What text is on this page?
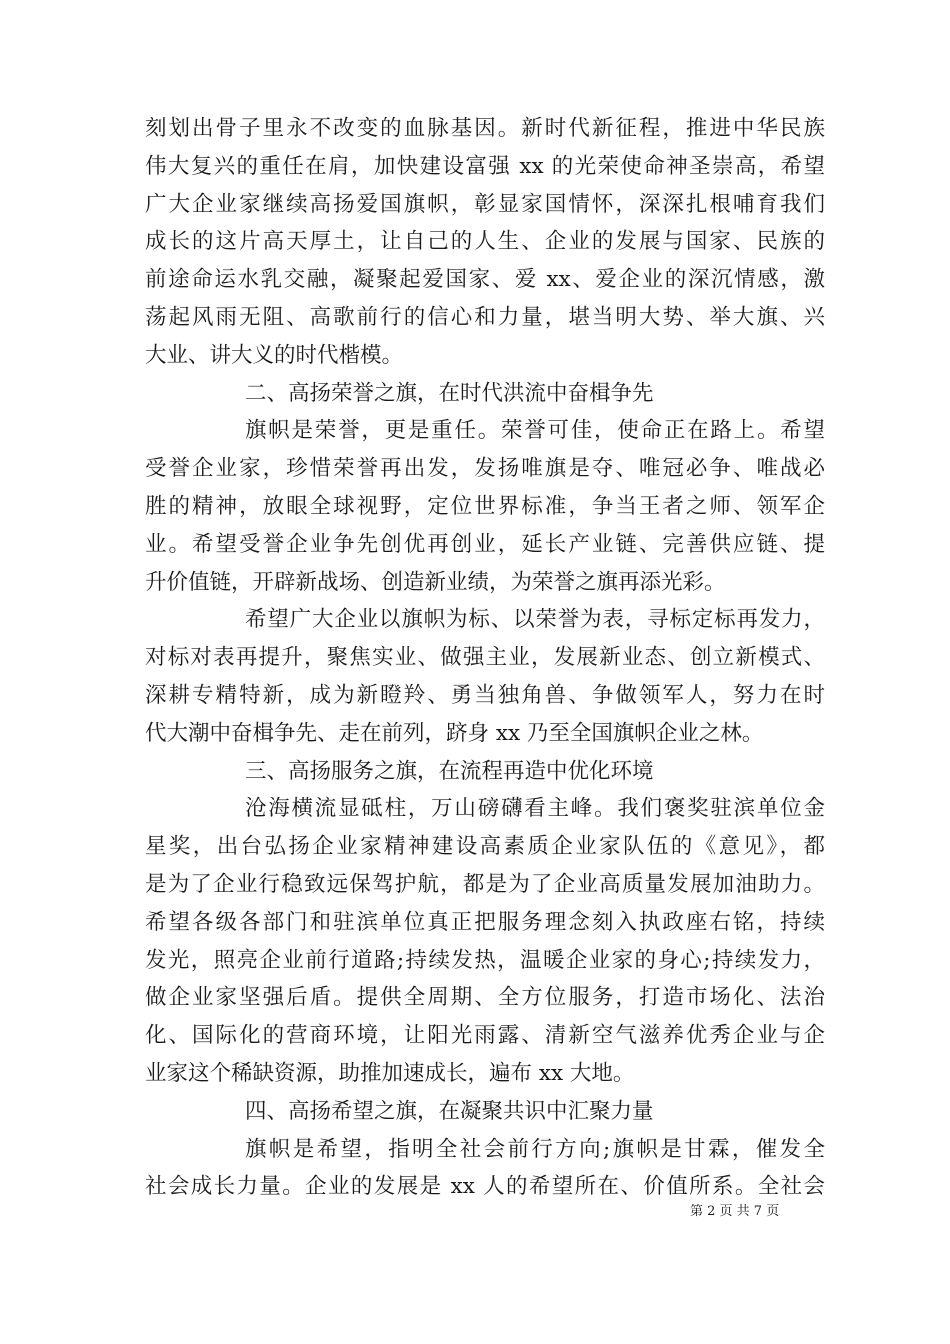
刻划出骨子里永不改变的血脉基因。新时代新征程，推进中华民族
伟大复兴的重任在肩，加快建设富强 xx 的光荣使命神圣崇高，希望
广大企业家继续高扬爱国旗帜，彰显家国情怀，深深扎根哺育我们
成长的这片高天厚土，让自己的人生、企业的发展与国家、民族的
前途命运水乳交融，凝聚起爱国家、爱 xx、爱企业的深沉情感，激
荡起风雨无阻、高歌前行的信心和力量，堪当明大势、举大旗、兴
大业、讲大义的时代楷模。
二、高扬荣誉之旗，在时代洪流中奋楫争先
旗帜是荣誉，更是重任。荣誉可佳，使命正在路上。希望
受誉企业家，珍惜荣誉再出发，发扬唯旗是夺、唯冠必争、唯战必
胜的精神，放眼全球视野，定位世界标准，争当王者之师、领军企
业。希望受誉企业争先创优再创业，延长产业链、完善供应链、提
升价值链，开辟新战场、创造新业绩，为荣誉之旗再添光彩。
希望广大企业以旗帜为标、以荣誉为表，寻标定标再发力，
对标对表再提升，聚焦实业、做强主业，发展新业态、创立新模式、
深耕专精特新，成为新瞪羚、勇当独角兽、争做领军人，努力在时
代大潮中奋楫争先、走在前列，跻身 xx 乃至全国旗帜企业之林。
三、高扬服务之旗，在流程再造中优化环境
沧海横流显砥柱，万山磅礴看主峰。我们褒奖驻滨单位金
星奖，出台弘扬企业家精神建设高素质企业家队伍的《意见》，都
是为了企业行稳致远保驾护航，都是为了企业高质量发展加油助力。
希望各级各部门和驻滨单位真正把服务理念刻入执政座右铭，持续
发光，照亮企业前行道路;持续发热，温暖企业家的身心;持续发力，
做企业家坚强后盾。提供全周期、全方位服务，打造市场化、法治
化、国际化的营商环境，让阳光雨露、清新空气滋养优秀企业与企
业家这个稀缺资源，助推加速成长，遍布 xx 大地。
四、高扬希望之旗，在凝聚共识中汇聚力量
旗帜是希望，指明全社会前行方向;旗帜是甘霖，催发全
社会成长力量。企业的发展是 xx 人的希望所在、价值所系。全社会
第 2 页 共 7 页
